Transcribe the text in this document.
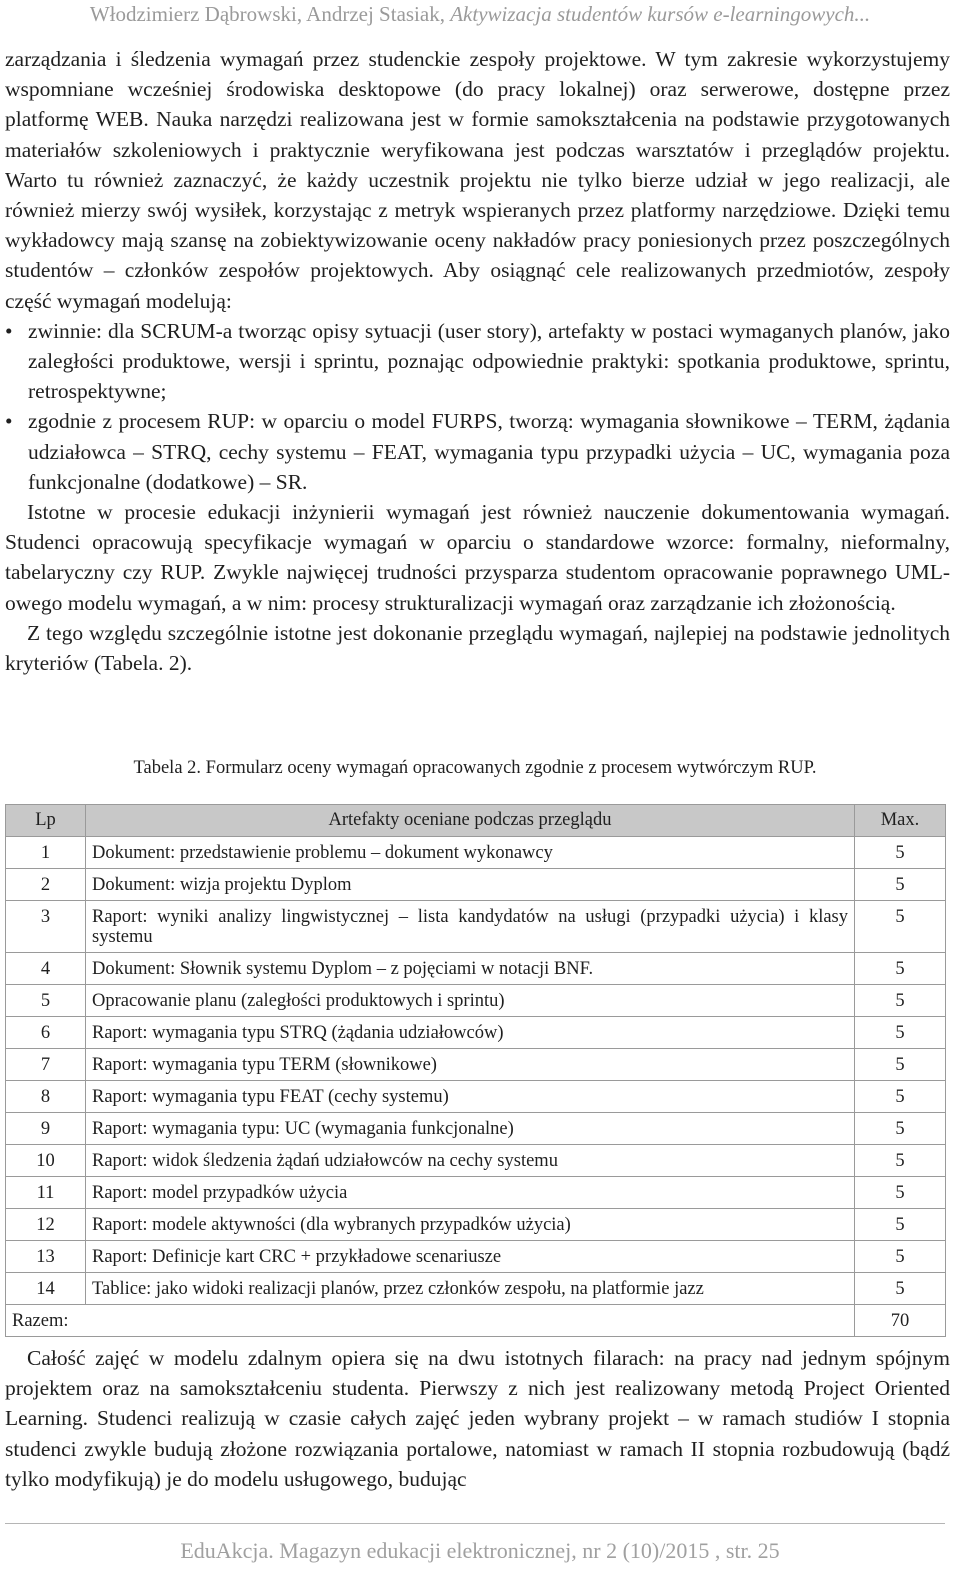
Włodzimierz Dąbrowski, Andrzej Stasiak, Aktywizacja studentów kursów e-learningowych...

zarządzania i śledzenia wymagań przez studenckie zespoły projektowe. W tym zakresie wykorzystujemy wspomniane wcześniej środowiska desktopowe (do pracy lokalnej) oraz serwerowe, dostępne przez platformę WEB. Nauka narzędzi realizowana jest w formie samokształcenia na podstawie przygotowanych materiałów szkoleniowych i praktycznie weryfikowana jest podczas warsztatów i przeglądów projektu. Warto tu również zaznaczyć, że każdy uczestnik projektu nie tylko bierze udział w jego realizacji, ale również mierzy swój wysiłek, korzystając z metryk wspieranych przez platformy narzędziowe. Dzięki temu wykładowcy mają szansę na zobiektywizowanie oceny nakładów pracy poniesionych przez poszczególnych studentów – członków zespołów projektowych. Aby osiągnąć cele realizowanych przedmiotów, zespoły część wymagań modelują:

• zwinnie: dla SCRUM-a tworząc opisy sytuacji (user story), artefakty w postaci wymaganych planów, jako zaległości produktowe, wersji i sprintu, poznając odpowiednie praktyki: spotkania produktowe, sprintu, retrospektywne;
• zgodnie z procesem RUP: w oparciu o model FURPS, tworzą: wymagania słownikowe – TERM, żądania udziałowca – STRQ, cechy systemu – FEAT, wymagania typu przypadki użycia – UC, wymagania poza funkcjonalne (dodatkowe) – SR.

Istotne w procesie edukacji inżynierii wymagań jest również nauczenie dokumentowania wymagań. Studenci opracowują specyfikacje wymagań w oparciu o standardowe wzorce: formalny, nieformalny, tabelaryczny czy RUP. Zwykle najwięcej trudności przysparza studentom opracowanie poprawnego UML-owego modelu wymagań, a w nim: procesy strukturalizacji wymagań oraz zarządzanie ich złożonością.

Z tego względu szczególnie istotne jest dokonanie przeglądu wymagań, najlepiej na podstawie jednolitych kryteriów (Tabela. 2).

Tabela 2. Formularz oceny wymagań opracowanych zgodnie z procesem wytwórczym RUP.
Lp	Artefakty oceniane podczas przeglądu	Max.
1	Dokument: przedstawienie problemu – dokument wykonawcy	5
2	Dokument: wizja projektu Dyplom	5
3	Raport: wyniki analizy lingwistycznej – lista kandydatów na usługi (przypadki użycia) i klasy systemu	5
4	Dokument: Słownik systemu Dyplom – z pojęciami w notacji BNF.	5
5	Opracowanie planu (zaległości produktowych i sprintu)	5
6	Raport: wymagania typu STRQ (żądania udziałowców)	5
7	Raport: wymagania typu TERM (słownikowe)	5
8	Raport: wymagania typu FEAT (cechy systemu)	5
9	Raport: wymagania typu: UC (wymagania funkcjonalne)	5
10	Raport: widok śledzenia żądań udziałowców na cechy systemu	5
11	Raport: model przypadków użycia	5
12	Raport: modele aktywności (dla wybranych przypadków użycia)	5
13	Raport: Definicje kart CRC + przykładowe scenariusze	5
14	Tablice: jako widoki realizacji planów, przez członków zespołu, na platformie jazz	5
Razem:		70

Całość zajęć w modelu zdalnym opiera się na dwu istotnych filarach: na pracy nad jednym spójnym projektem oraz na samokształceniu studenta. Pierwszy z nich jest realizowany metodą Project Oriented Learning. Studenci realizują w czasie całych zajęć jeden wybrany projekt – w ramach studiów I stopnia studenci zwykle budują złożone rozwiązania portalowe, natomiast w ramach II stopnia rozbudowują (bądź tylko modyfikują) je do modelu usługowego, budując

EduAkcja. Magazyn edukacji elektronicznej, nr 2 (10)/2015 , str. 25
